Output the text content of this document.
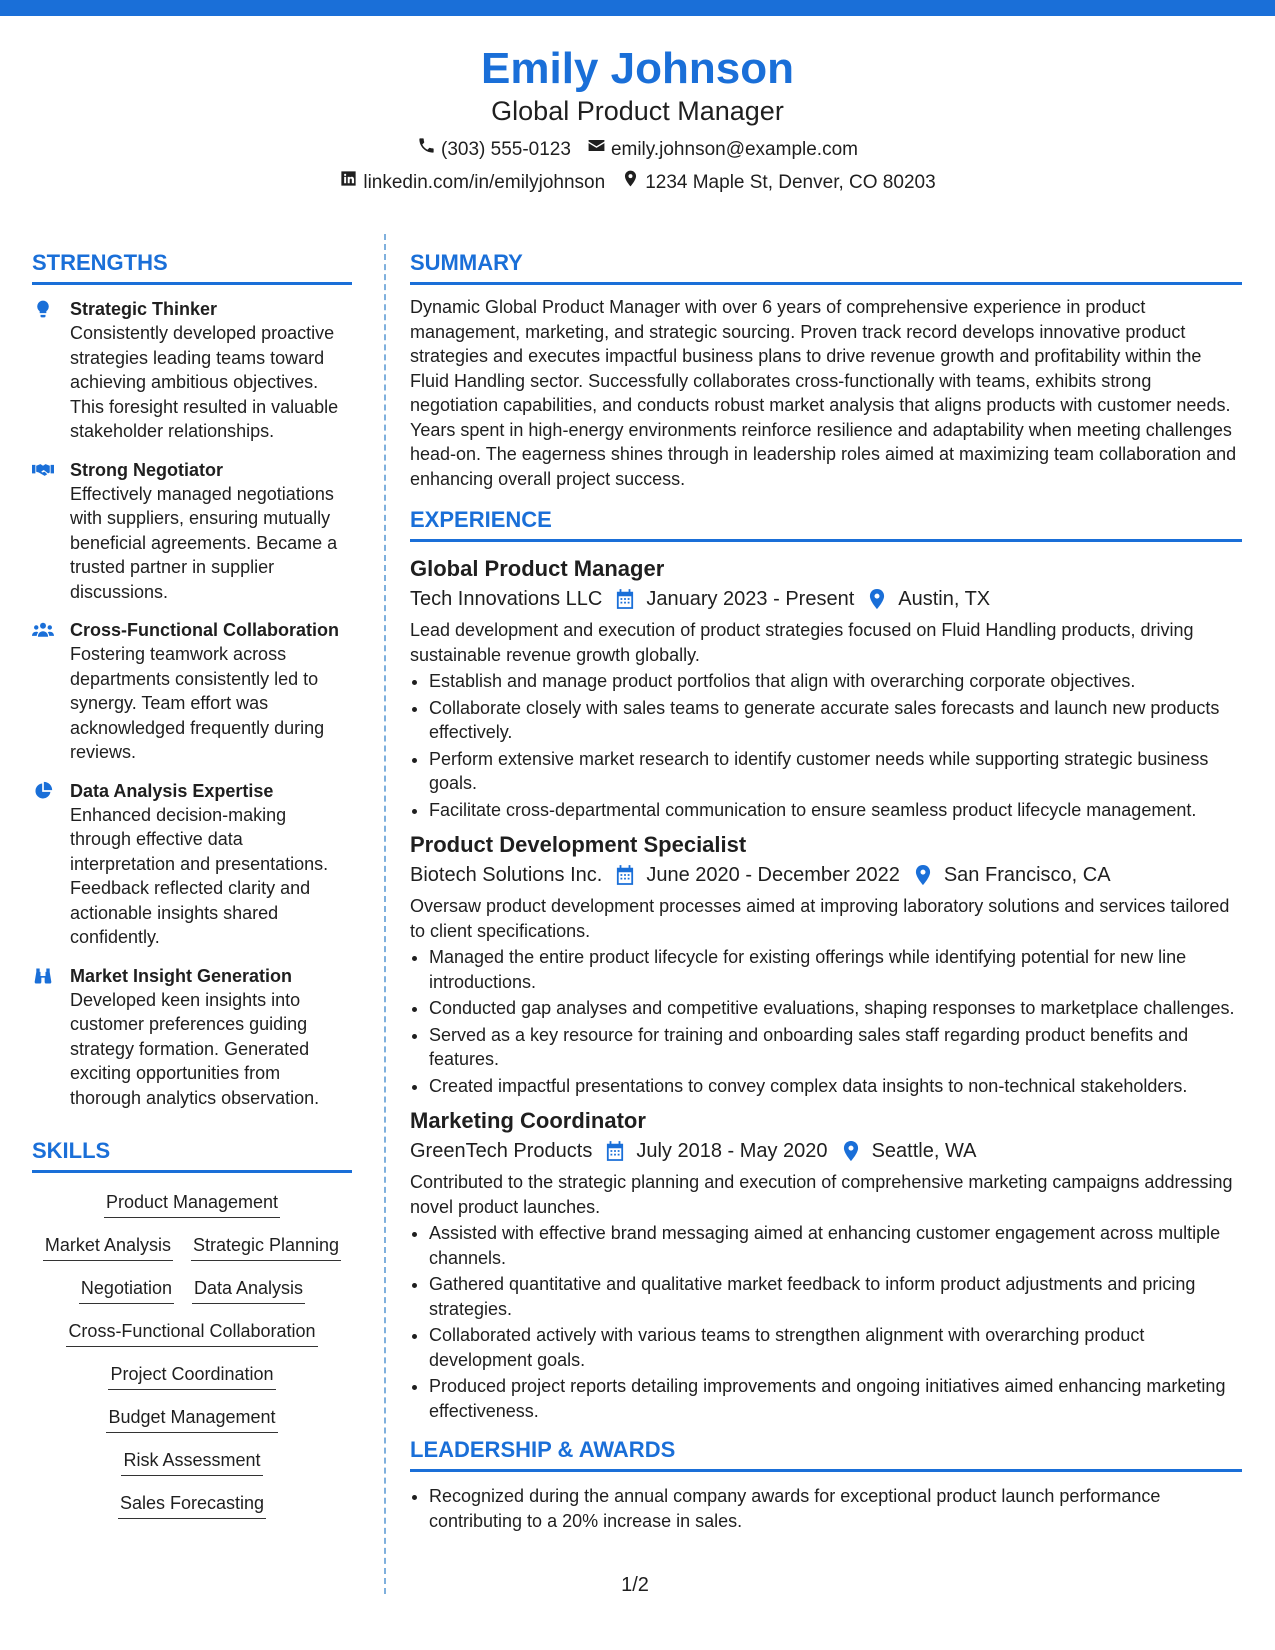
Emily Johnson
Global Product Manager
(303) 555-0123 emily.johnson@example.com
linkedin.com/in/emilyjohnson 1234 Maple St, Denver, CO 80203
STRENGTHS
Strategic Thinker
Consistently developed proactive strategies leading teams toward achieving ambitious objectives. This foresight resulted in valuable stakeholder relationships.
Strong Negotiator
Effectively managed negotiations with suppliers, ensuring mutually beneficial agreements. Became a trusted partner in supplier discussions.
Cross-Functional Collaboration
Fostering teamwork across departments consistently led to synergy. Team effort was acknowledged frequently during reviews.
Data Analysis Expertise
Enhanced decision-making through effective data interpretation and presentations. Feedback reflected clarity and actionable insights shared confidently.
Market Insight Generation
Developed keen insights into customer preferences guiding strategy formation. Generated exciting opportunities from thorough analytics observation.
SKILLS
Product Management
Market Analysis Strategic Planning
Negotiation Data Analysis
Cross-Functional Collaboration
Project Coordination
Budget Management
Risk Assessment
Sales Forecasting
SUMMARY
Dynamic Global Product Manager with over 6 years of comprehensive experience in product management, marketing, and strategic sourcing. Proven track record develops innovative product strategies and executes impactful business plans to drive revenue growth and profitability within the Fluid Handling sector. Successfully collaborates cross-functionally with teams, exhibits strong negotiation capabilities, and conducts robust market analysis that aligns products with customer needs. Years spent in high-energy environments reinforce resilience and adaptability when meeting challenges head-on. The eagerness shines through in leadership roles aimed at maximizing team collaboration and enhancing overall project success.
EXPERIENCE
Global Product Manager
Tech Innovations LLC January 2023 - Present Austin, TX
Lead development and execution of product strategies focused on Fluid Handling products, driving sustainable revenue growth globally.
• Establish and manage product portfolios that align with overarching corporate objectives.
• Collaborate closely with sales teams to generate accurate sales forecasts and launch new products effectively.
• Perform extensive market research to identify customer needs while supporting strategic business goals.
• Facilitate cross-departmental communication to ensure seamless product lifecycle management.
Product Development Specialist
Biotech Solutions Inc. June 2020 - December 2022 San Francisco, CA
Oversaw product development processes aimed at improving laboratory solutions and services tailored to client specifications.
• Managed the entire product lifecycle for existing offerings while identifying potential for new line introductions.
• Conducted gap analyses and competitive evaluations, shaping responses to marketplace challenges.
• Served as a key resource for training and onboarding sales staff regarding product benefits and features.
• Created impactful presentations to convey complex data insights to non-technical stakeholders.
Marketing Coordinator
GreenTech Products July 2018 - May 2020 Seattle, WA
Contributed to the strategic planning and execution of comprehensive marketing campaigns addressing novel product launches.
• Assisted with effective brand messaging aimed at enhancing customer engagement across multiple channels.
• Gathered quantitative and qualitative market feedback to inform product adjustments and pricing strategies.
• Collaborated actively with various teams to strengthen alignment with overarching product development goals.
• Produced project reports detailing improvements and ongoing initiatives aimed enhancing marketing effectiveness.
LEADERSHIP & AWARDS
• Recognized during the annual company awards for exceptional product launch performance contributing to a 20% increase in sales.
1/2
